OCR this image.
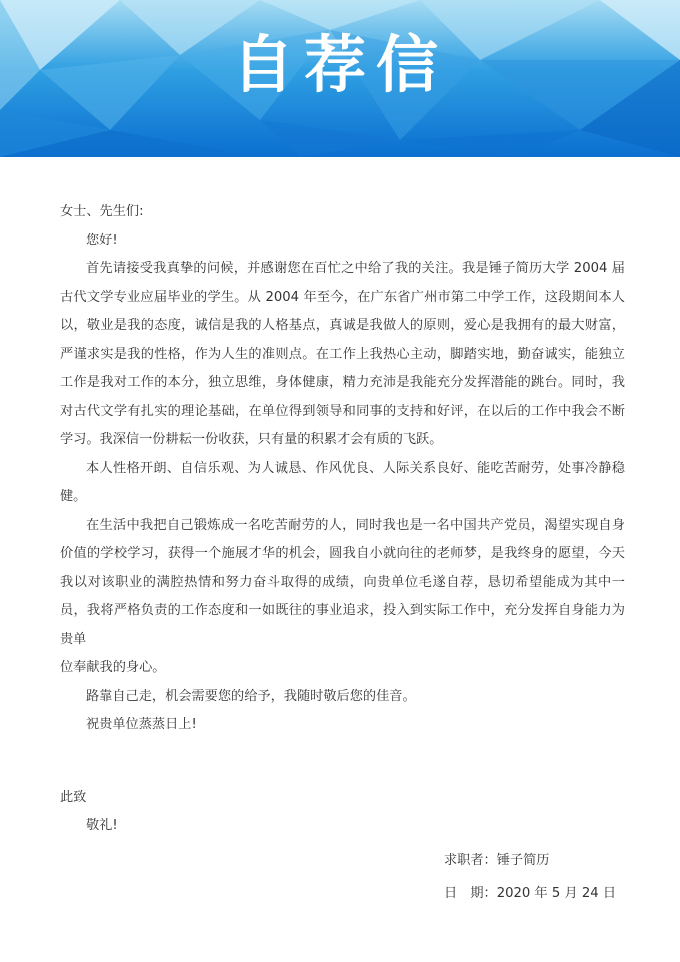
自荐信

女士、先生们:

您好!

首先请接受我真挚的问候，并感谢您在百忙之中给了我的关注。我是锤子简历大学 2004 届古代文学专业应届毕业的学生。从 2004 年至今，在广东省广州市第二中学工作，这段期间本人以，敬业是我的态度，诚信是我的人格基点，真诚是我做人的原则，爱心是我拥有的最大财富，严谨求实是我的性格，作为人生的准则点。在工作上我热心主动，脚踏实地，勤奋诚实，能独立工作是我对工作的本分，独立思维，身体健康，精力充沛是我能充分发挥潜能的跳台。同时，我对古代文学有扎实的理论基础，在单位得到领导和同事的支持和好评，在以后的工作中我会不断学习。我深信一份耕耘一份收获，只有量的积累才会有质的飞跃。

本人性格开朗、自信乐观、为人诚恳、作风优良、人际关系良好、能吃苦耐劳，处事冷静稳健。

在生活中我把自己锻炼成一名吃苦耐劳的人，同时我也是一名中国共产党员，渴望实现自身价值的学校学习，获得一个施展才华的机会，圆我自小就向往的老师梦，是我终身的愿望，今天我以对该职业的满腔热情和努力奋斗取得的成绩，向贵单位毛遂自荐，恳切希望能成为其中一员，我将严格负责的工作态度和一如既往的事业追求，投入到实际工作中，充分发挥自身能力为贵单

位奉献我的身心。

路靠自己走，机会需要您的给予，我随时敬后您的佳音。

祝贵单位蒸蒸日上!

此致

敬礼!

求职者：锤子简历
日　期：2020 年 5 月 24 日
